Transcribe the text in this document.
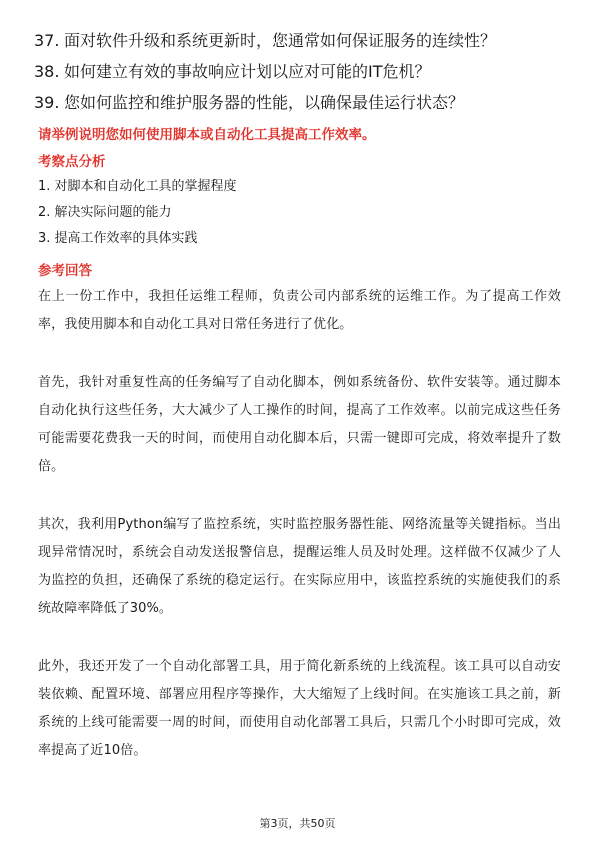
37. 面对软件升级和系统更新时，您通常如何保证服务的连续性？
38. 如何建立有效的事故响应计划以应对可能的IT危机？
39. 您如何监控和维护服务器的性能，以确保最佳运行状态？

请举例说明您如何使用脚本或自动化工具提高工作效率。

考察点分析

1. 对脚本和自动化工具的掌握程度
2. 解决实际问题的能力
3. 提高工作效率的具体实践

参考回答

在上一份工作中，我担任运维工程师，负责公司内部系统的运维工作。为了提高工作效率，我使用脚本和自动化工具对日常任务进行了优化。

首先，我针对重复性高的任务编写了自动化脚本，例如系统备份、软件安装等。通过脚本自动化执行这些任务，大大减少了人工操作的时间，提高了工作效率。以前完成这些任务可能需要花费我一天的时间，而使用自动化脚本后，只需一键即可完成，将效率提升了数倍。

其次，我利用Python编写了监控系统，实时监控服务器性能、网络流量等关键指标。当出现异常情况时，系统会自动发送报警信息，提醒运维人员及时处理。这样做不仅减少了人为监控的负担，还确保了系统的稳定运行。在实际应用中，该监控系统的实施使我们的系统故障率降低了30%。

此外，我还开发了一个自动化部署工具，用于简化新系统的上线流程。该工具可以自动安装依赖、配置环境、部署应用程序等操作，大大缩短了上线时间。在实施该工具之前，新系统的上线可能需要一周的时间，而使用自动化部署工具后，只需几个小时即可完成，效率提高了近10倍。

第3页，共50页
